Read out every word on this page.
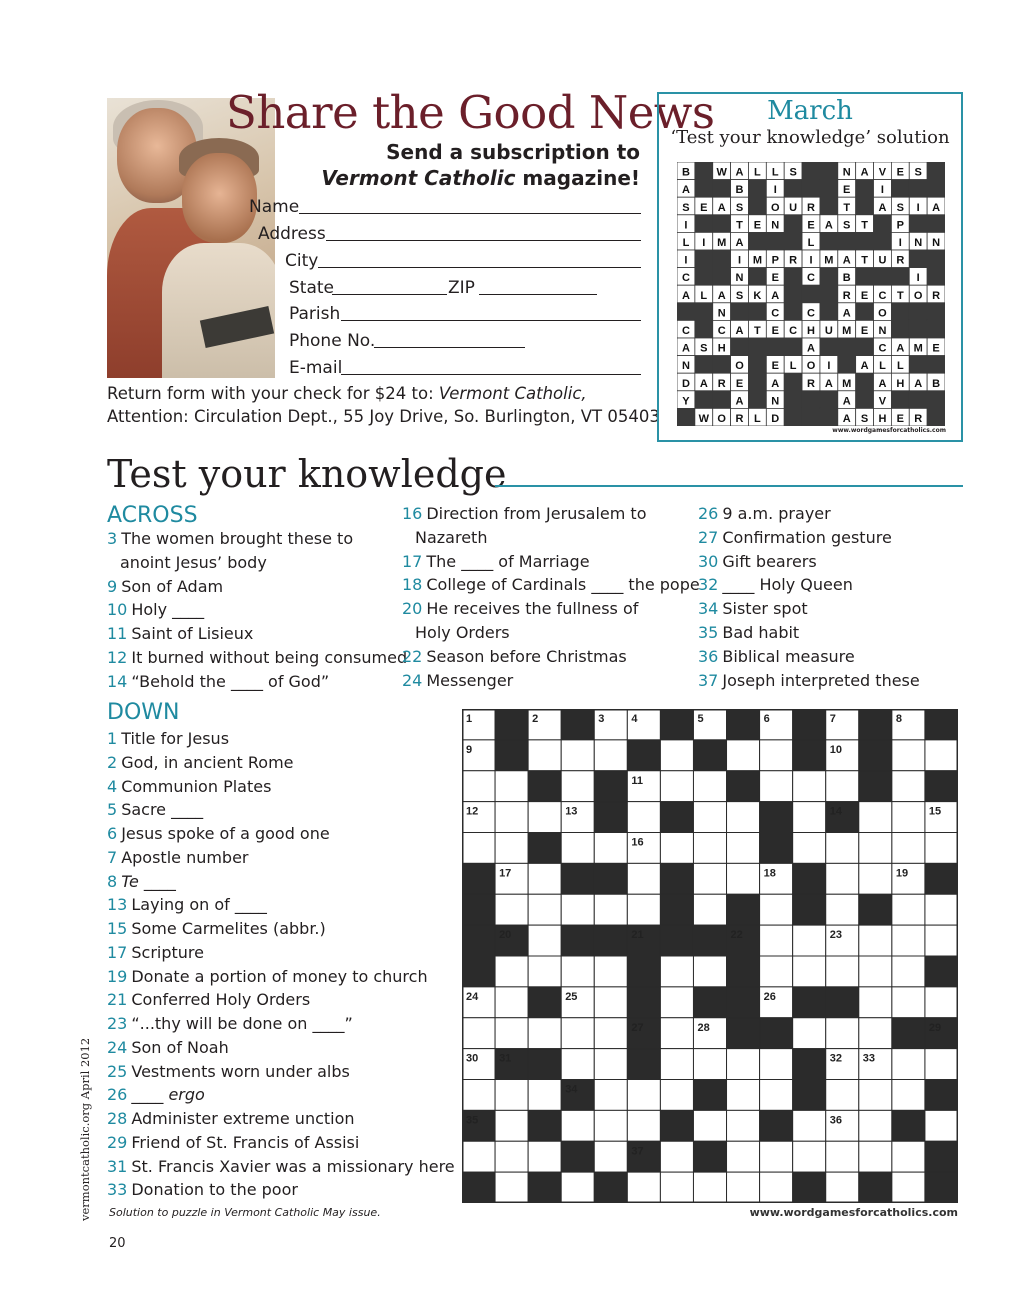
Share the Good News
Send a subscription to
Vermont Catholic magazine!
Name
Address
City
State	ZIP
Parish
Phone No.
E-mail
Return form with your check for $24 to: Vermont Catholic,
Attention: Circulation Dept., 55 Joy Drive, So. Burlington, VT 05403
March
‘Test your knowledge’ solution
B W A L L S	N A V E S
A	B	I	E	I
S E A S	O U R	T	A S I A
I	T E N	E A S T	P
L I M A	L	I N N
I	I M P R I M A T U R
C	N	E	C	B	I
A L A S K A	R E C T O R
N	C	C	A O
C	C A T E C H U M E N
A S H	A	C A M E
N	O	E L O I	A L L
D A R E	A	R A M A H A B
Y	A	N	A	V
W O R L D	A S H E R
www.wordgamesforcatholics.com
Test your knowledge
ACROSS
3 The women brought these to
anoint Jesus’ body
9 Son of Adam
10 Holy ____
11 Saint of Lisieux
12 It burned without being consumed
14 “Behold the ____ of God”
16 Direction from Jerusalem to
Nazareth
17 The ____ of Marriage
18 College of Cardinals ____ the pope
20 He receives the fullness of
Holy Orders
22 Season before Christmas
24 Messenger
26 9 a.m. prayer
27 Confirmation gesture
30 Gift bearers
32 ____ Holy Queen
34 Sister spot
35 Bad habit
36 Biblical measure
37 Joseph interpreted these
DOWN
1 Title for Jesus
2 God, in ancient Rome
4 Communion Plates
5 Sacre ____
6 Jesus spoke of a good one
7 Apostle number
8 Te ____
13 Laying on of ____
15 Some Carmelites (abbr.)
17 Scripture
19 Donate a portion of money to church
21 Conferred Holy Orders
23 “...thy will be done on ____”
24 Son of Noah
25 Vestments worn under albs
26 ____ ergo
28 Administer extreme unction
29 Friend of St. Francis of Assisi
31 St. Francis Xavier was a missionary here
33 Donation to the poor
1	2	3 4	5	6	7	8
9	10
11
12	13	14	15
16
17	18	19
20	21	22	23
24	25	26
27	28	29
30 31	32 33
34
35	36
37
www.wordgamesforcatholics.com
Solution to puzzle in Vermont Catholic May issue.
vermontcatholic.org April 2012
20
